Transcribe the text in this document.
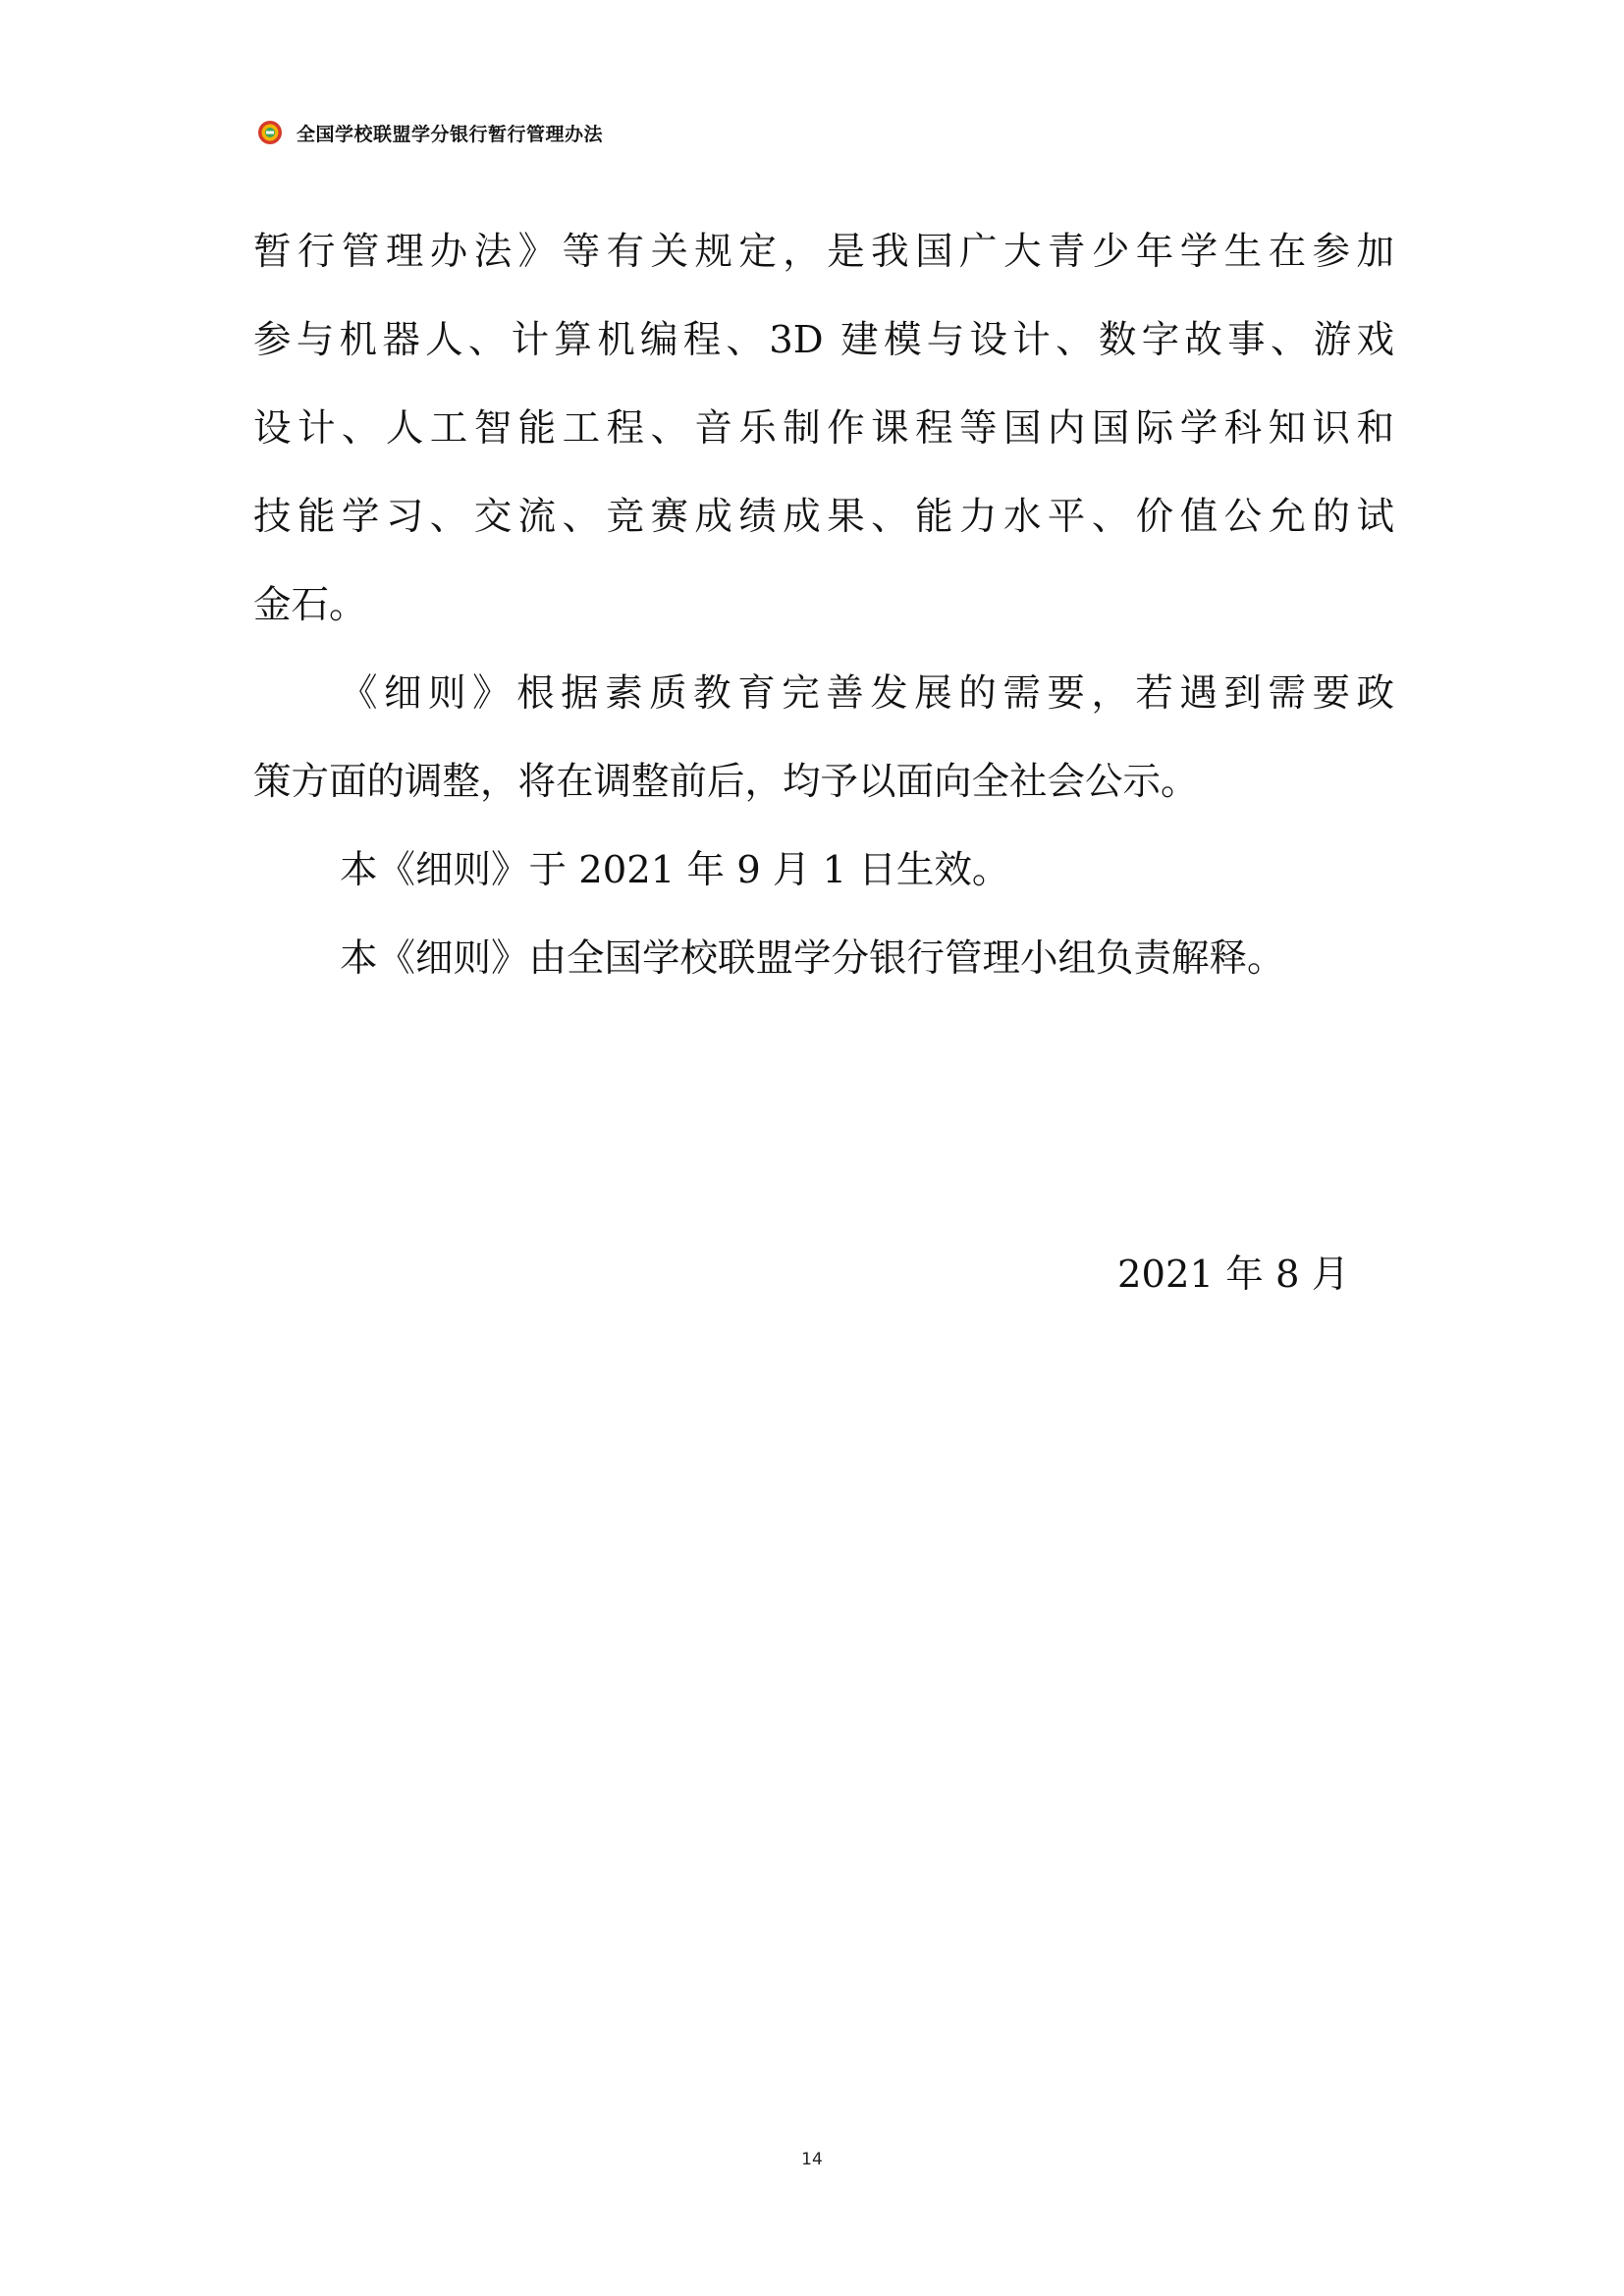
全国学校联盟学分银行暂行管理办法
暂行管理办法》等有关规定，是我国广大青少年学生在参加
参与机器人、计算机编程、3D 建模与设计、数字故事、游戏
设计、人工智能工程、音乐制作课程等国内国际学科知识和
技能学习、交流、竞赛成绩成果、能力水平、价值公允的试
金石。
《细则》根据素质教育完善发展的需要，若遇到需要政
策方面的调整，将在调整前后，均予以面向全社会公示。
本《细则》于 2021 年 9 月 1 日生效。
本《细则》由全国学校联盟学分银行管理小组负责解释。
2021 年 8 月
14
